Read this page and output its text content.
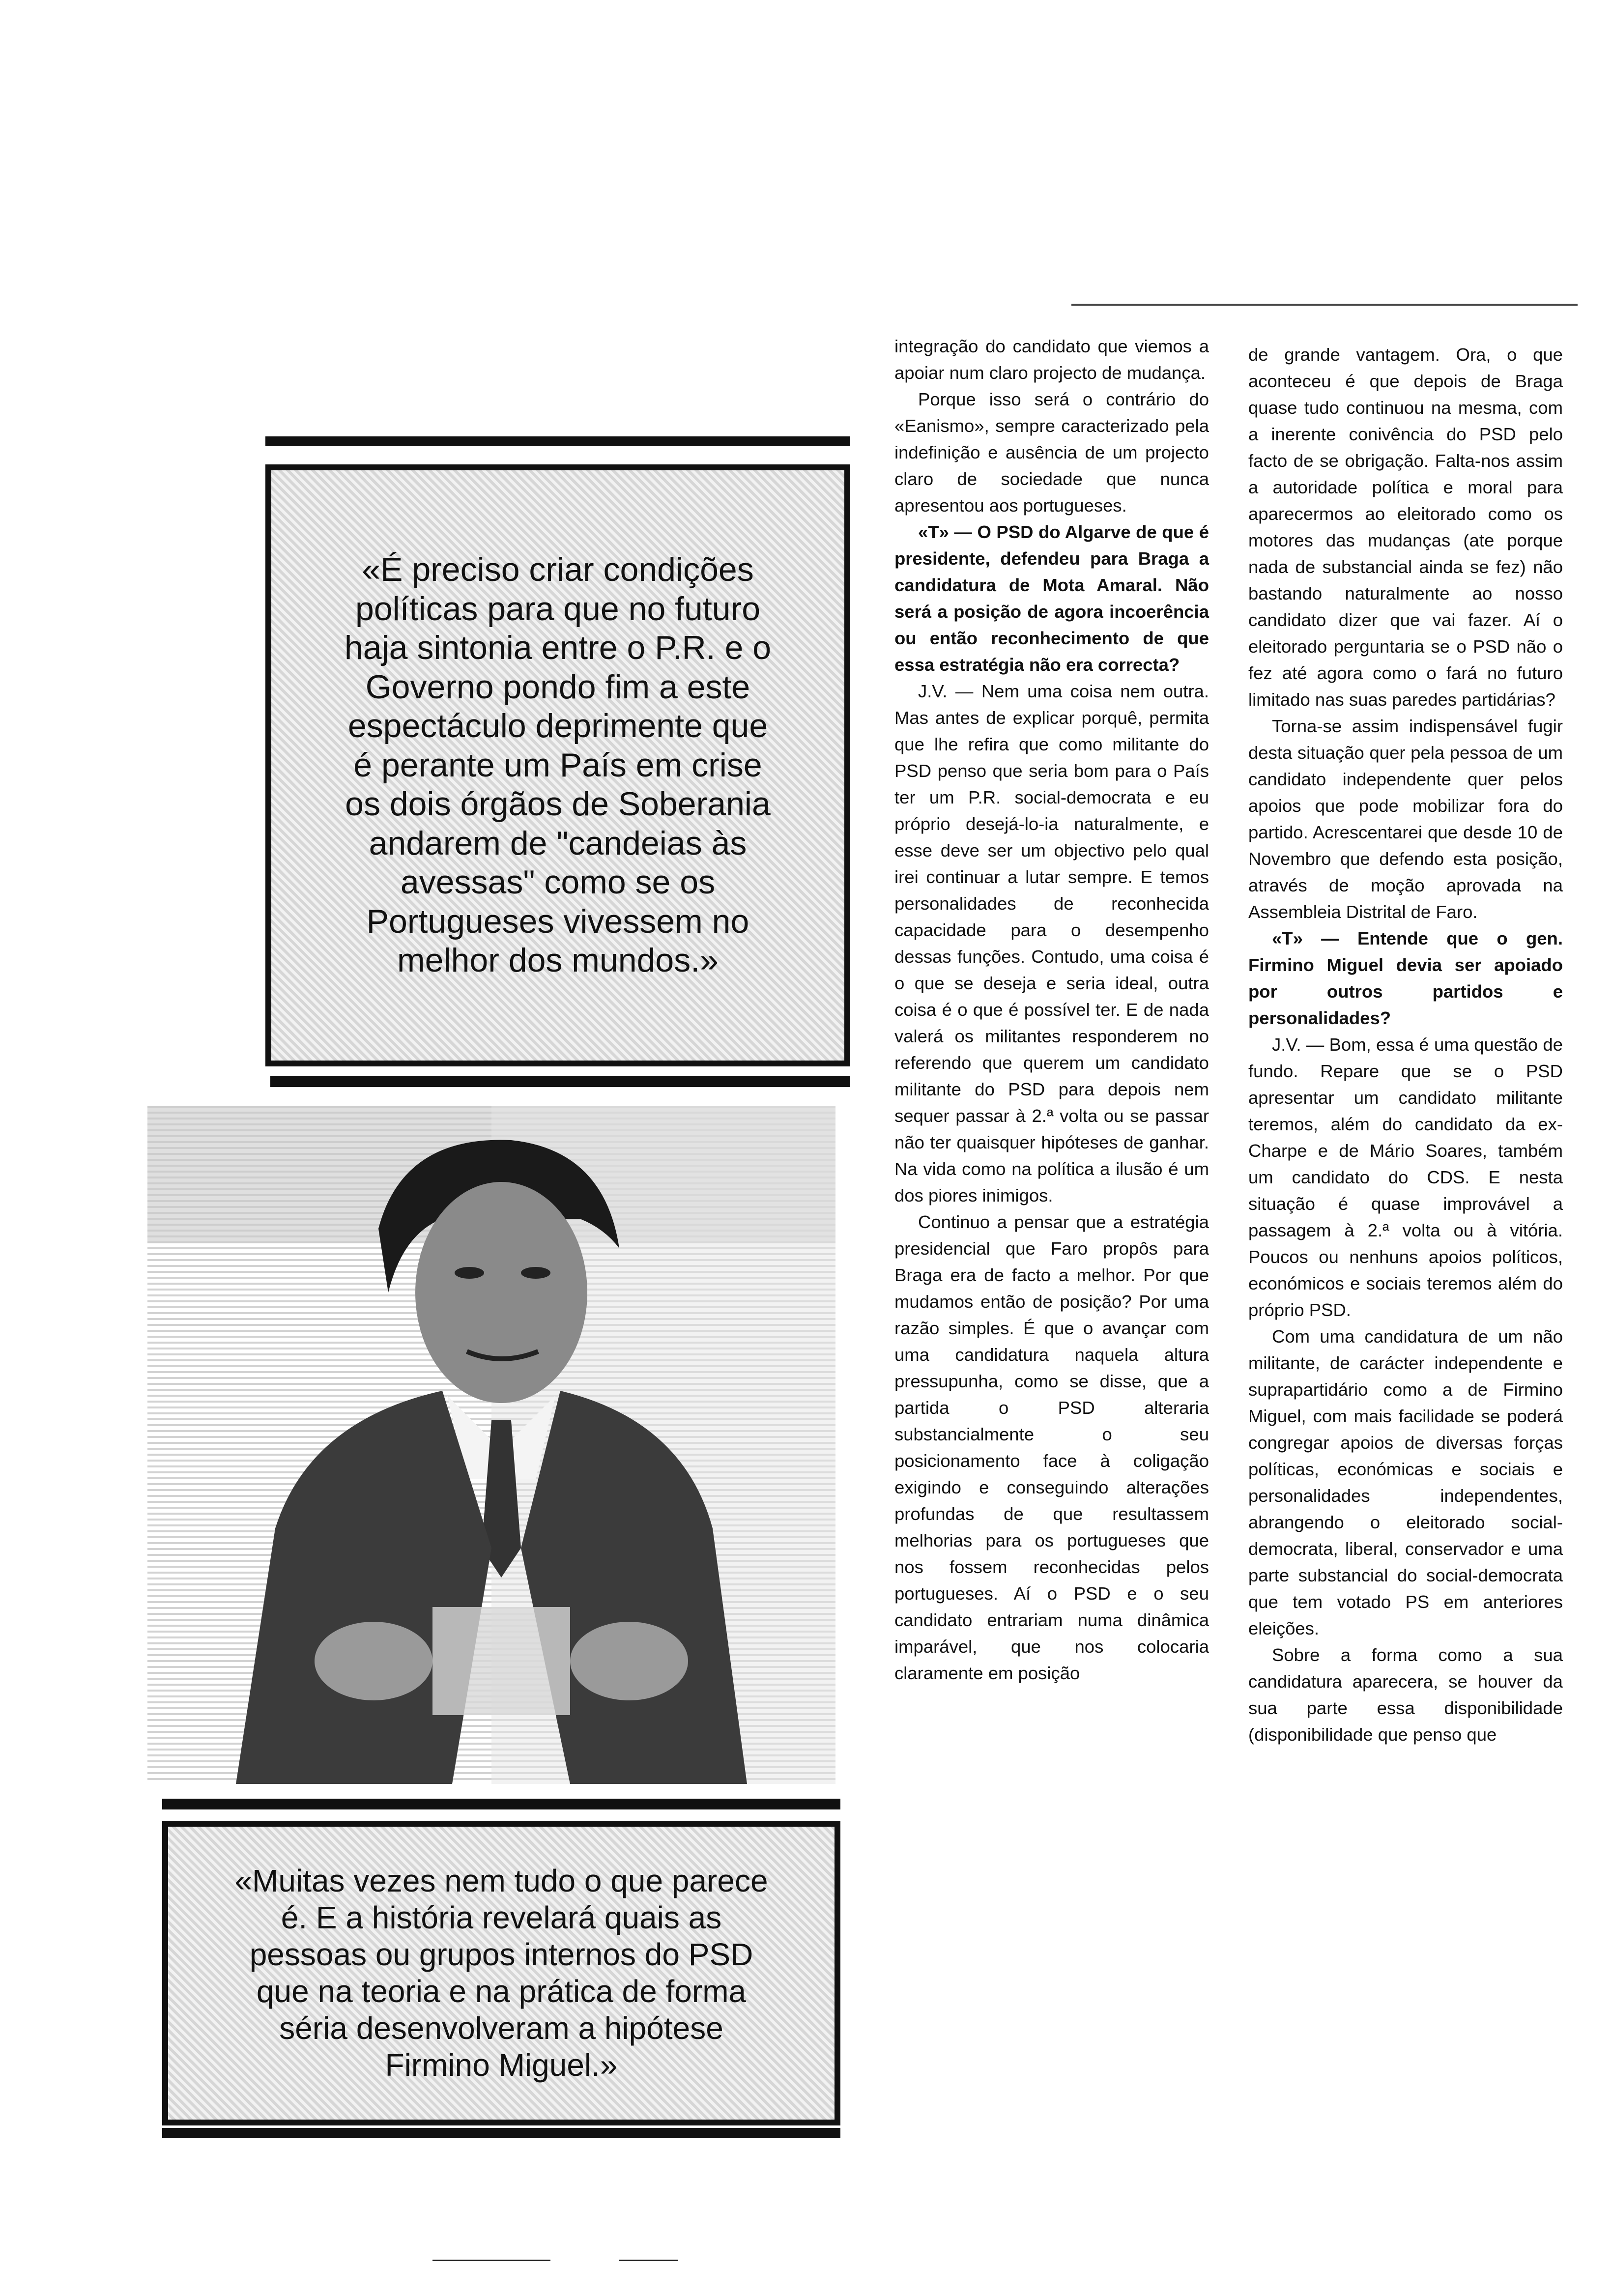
«É preciso criar condições
políticas para que no futuro
haja sintonia entre o P.R. e o
Governo pondo fim a este
espectáculo deprimente que
é perante um País em crise
os dois órgãos de Soberania
andarem de "candeias às
avessas" como se os
Portugueses vivessem no
melhor dos mundos.»
«Muitas vezes nem tudo o que parece
é. E a história revelará quais as
pessoas ou grupos internos do PSD
que na teoria e na prática de forma
séria desenvolveram a hipótese
Firmino Miguel.»

integração do candidato que viemos a apoiar num claro projecto de mudança.

Porque isso será o contrário do «Eanismo», sempre caracterizado pela indefinição e ausência de um projecto claro de sociedade que nunca apresentou aos portugueses.

«T» — O PSD do Algarve de que é presidente, defendeu para Braga a candidatura de Mota Amaral. Não será a posição de agora incoerência ou então reconhecimento de que essa estratégia não era correcta?

J.V. — Nem uma coisa nem outra. Mas antes de explicar porquê, permita que lhe refira que como militante do PSD penso que seria bom para o País ter um P.R. social-democrata e eu próprio desejá-lo-ia naturalmente, e esse deve ser um objectivo pelo qual irei continuar a lutar sempre. E temos personalidades de reconhecida capacidade para o desempenho dessas funções. Contudo, uma coisa é o que se deseja e seria ideal, outra coisa é o que é possível ter. E de nada valerá os militantes responderem no referendo que querem um candidato militante do PSD para depois nem sequer passar à 2.ª volta ou se passar não ter quaisquer hipóteses de ganhar. Na vida como na política a ilusão é um dos piores inimigos.

Continuo a pensar que a estratégia presidencial que Faro propôs para Braga era de facto a melhor. Por que mudamos então de posição? Por uma razão simples. É que o avançar com uma candidatura naquela altura pressupunha, como se disse, que a partida o PSD alteraria substancialmente o seu posicionamento face à coligação exigindo e conseguindo alterações profundas de que resultassem melhorias para os portugueses que nos fossem reconhecidas pelos portugueses. Aí o PSD e o seu candidato entrariam numa dinâmica imparável, que nos colocaria claramente em posição

de grande vantagem. Ora, o que aconteceu é que depois de Braga quase tudo continuou na mesma, com a inerente conivência do PSD pelo facto de se obrigação. Falta-nos assim a autoridade política e moral para aparecermos ao eleitorado como os motores das mudanças (ate porque nada de substancial ainda se fez) não bastando naturalmente ao nosso candidato dizer que vai fazer. Aí o eleitorado perguntaria se o PSD não o fez até agora como o fará no futuro limitado nas suas paredes partidárias?

Torna-se assim indispensável fugir desta situação quer pela pessoa de um candidato independente quer pelos apoios que pode mobilizar fora do partido. Acrescentarei que desde 10 de Novembro que defendo esta posição, através de moção aprovada na Assembleia Distrital de Faro.

«T» — Entende que o gen. Firmino Miguel devia ser apoiado por outros partidos e personalidades?

J.V. — Bom, essa é uma questão de fundo. Repare que se o PSD apresentar um candidato militante teremos, além do candidato da ex-Charpe e de Mário Soares, também um candidato do CDS. E nesta situação é quase improvável a passagem à 2.ª volta ou à vitória. Poucos ou nenhuns apoios políticos, económicos e sociais teremos além do próprio PSD.

Com uma candidatura de um não militante, de carácter independente e suprapartidário como a de Firmino Miguel, com mais facilidade se poderá congregar apoios de diversas forças políticas, económicas e sociais e personalidades independentes, abrangendo o eleitorado social-democrata, liberal, conservador e uma parte substancial do social-democrata que tem votado PS em anteriores eleições.

Sobre a forma como a sua candidatura aparecera, se houver da sua parte essa disponibilidade (disponibilidade que penso que
